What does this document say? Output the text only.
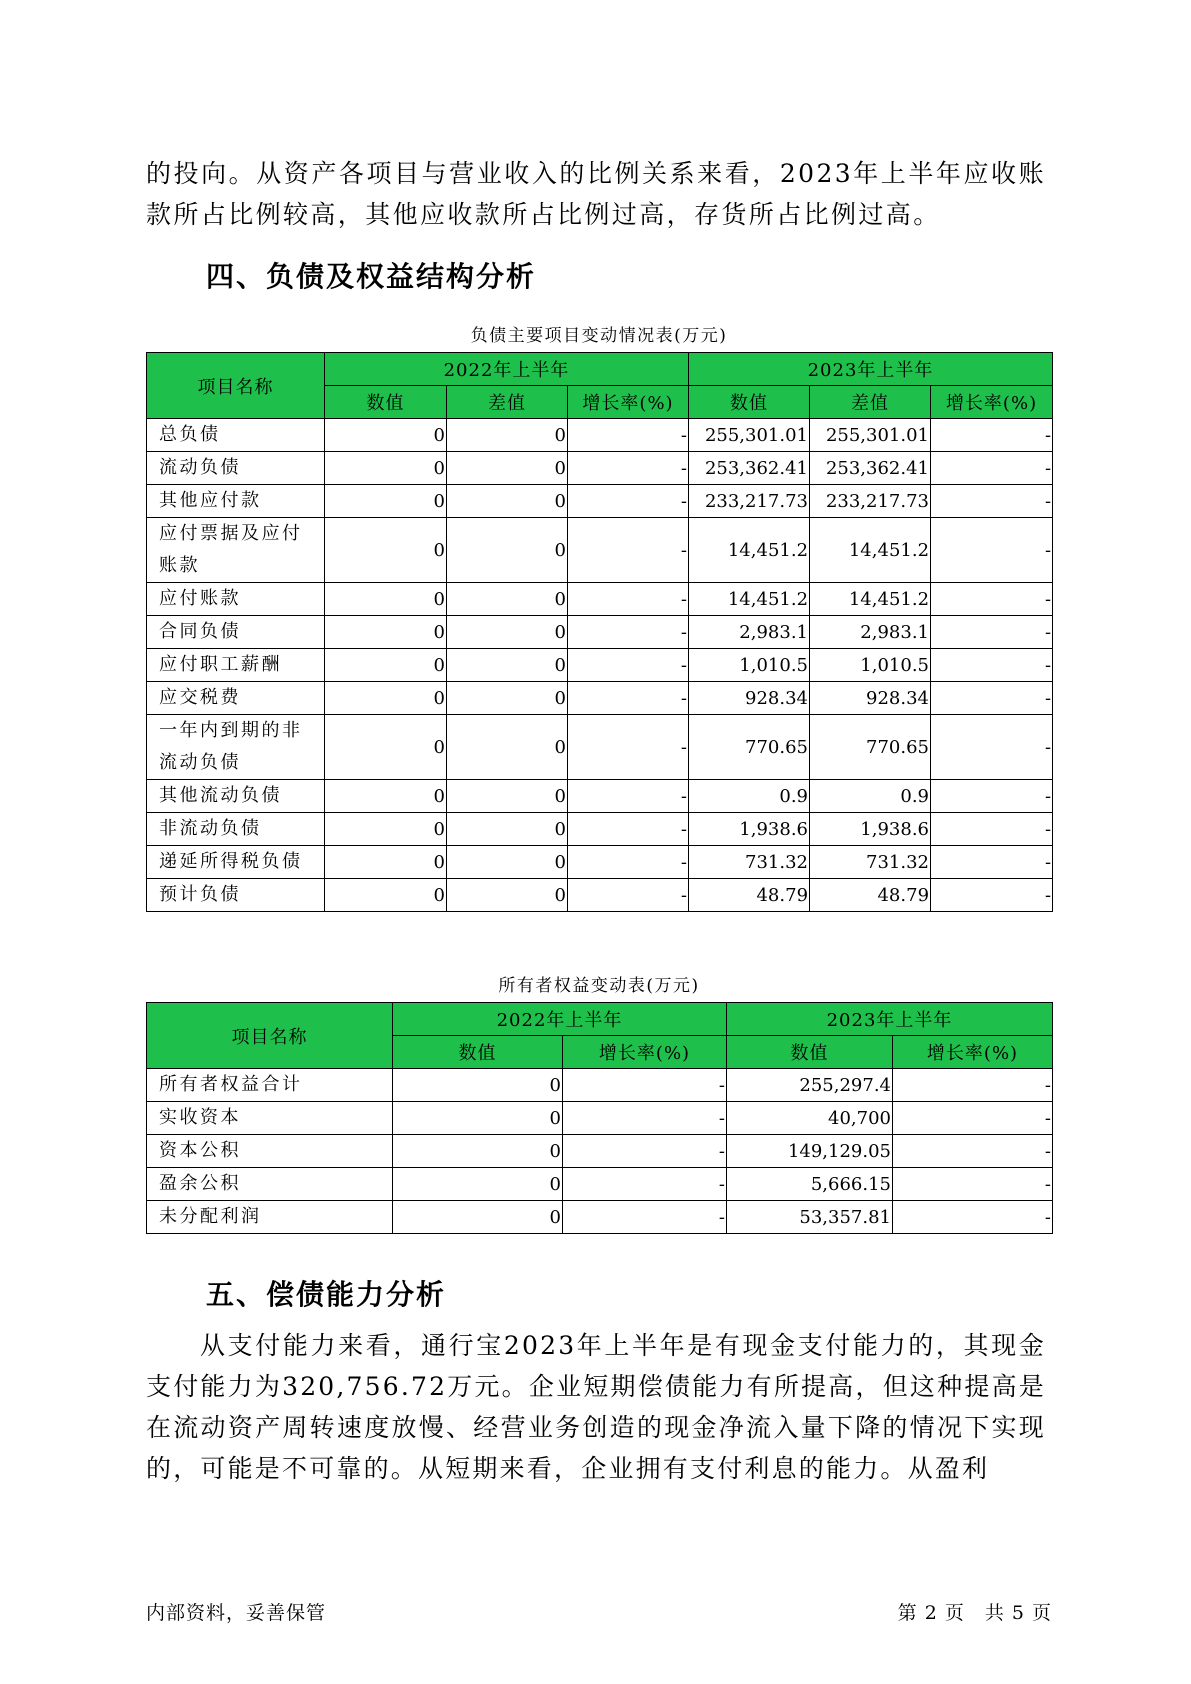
的投向。从资产各项目与营业收入的比例关系来看，2023年上半年应收账款所占比例较高，其他应收款所占比例过高，存货所占比例过高。

四、负债及权益结构分析
负债主要项目变动情况表(万元)
项目名称	2022年上半年			2023年上半年		
	数值	差值	增长率(%)	数值	差值	增长率(%)
总负债	0	0	-	255,301.01	255,301.01	-
流动负债	0	0	-	253,362.41	253,362.41	-
其他应付款	0	0	-	233,217.73	233,217.73	-
应付票据及应付账款	0	0	-	14,451.2	14,451.2	-
应付账款	0	0	-	14,451.2	14,451.2	-
合同负债	0	0	-	2,983.1	2,983.1	-
应付职工薪酬	0	0	-	1,010.5	1,010.5	-
应交税费	0	0	-	928.34	928.34	-
一年内到期的非流动负债	0	0	-	770.65	770.65	-
其他流动负债	0	0	-	0.9	0.9	-
非流动负债	0	0	-	1,938.6	1,938.6	-
递延所得税负债	0	0	-	731.32	731.32	-
预计负债	0	0	-	48.79	48.79	-
所有者权益变动表(万元)
项目名称	2022年上半年		2023年上半年	
	数值	增长率(%)	数值	增长率(%)
所有者权益合计	0	-	255,297.4	-
实收资本	0	-	40,700	-
资本公积	0	-	149,129.05	-
盈余公积	0	-	5,666.15	-
未分配利润	0	-	53,357.81	-
五、偿债能力分析

从支付能力来看，通行宝2023年上半年是有现金支付能力的，其现金支付能力为320,756.72万元。企业短期偿债能力有所提高，但这种提高是在流动资产周转速度放慢、经营业务创造的现金净流入量下降的情况下实现的，可能是不可靠的。从短期来看，企业拥有支付利息的能力。从盈利

内部资料，妥善保管	第 2 页　共 5 页
